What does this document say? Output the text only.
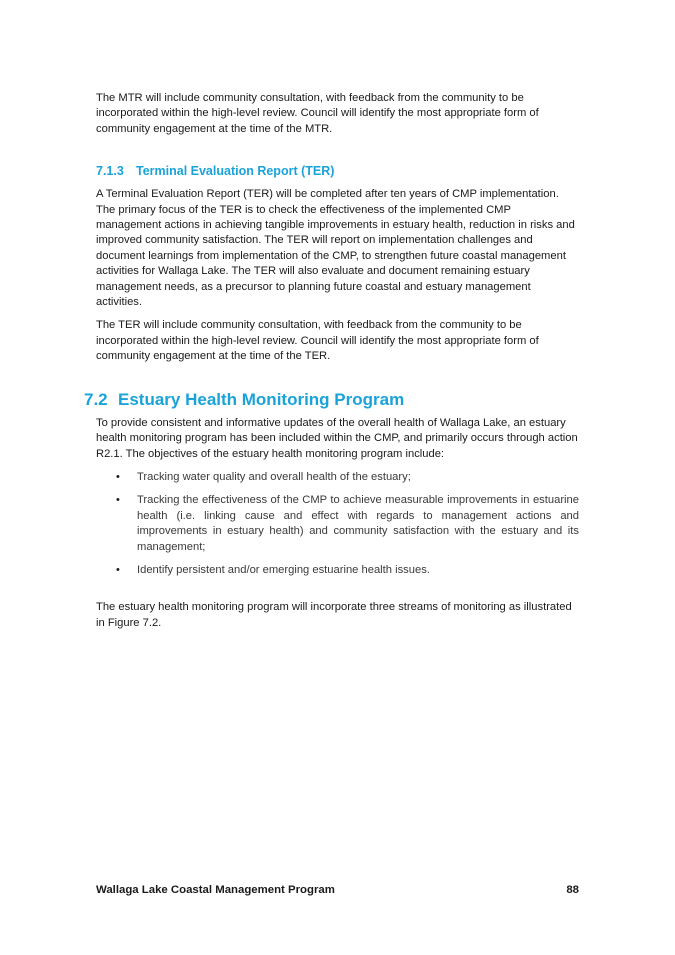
The MTR will include community consultation, with feedback from the community to be incorporated within the high-level review. Council will identify the most appropriate form of community engagement at the time of the MTR.

7.1.3 Terminal Evaluation Report (TER)

A Terminal Evaluation Report (TER) will be completed after ten years of CMP implementation. The primary focus of the TER is to check the effectiveness of the implemented CMP management actions in achieving tangible improvements in estuary health, reduction in risks and improved community satisfaction. The TER will report on implementation challenges and document learnings from implementation of the CMP, to strengthen future coastal management activities for Wallaga Lake. The TER will also evaluate and document remaining estuary management needs, as a precursor to planning future coastal and estuary management activities.

The TER will include community consultation, with feedback from the community to be incorporated within the high-level review. Council will identify the most appropriate form of community engagement at the time of the TER.

7.2 Estuary Health Monitoring Program

To provide consistent and informative updates of the overall health of Wallaga Lake, an estuary health monitoring program has been included within the CMP, and primarily occurs through action R2.1. The objectives of the estuary health monitoring program include:

• Tracking water quality and overall health of the estuary;
• Tracking the effectiveness of the CMP to achieve measurable improvements in estuarine health (i.e. linking cause and effect with regards to management actions and improvements in estuary health) and community satisfaction with the estuary and its management;
• Identify persistent and/or emerging estuarine health issues.

The estuary health monitoring program will incorporate three streams of monitoring as illustrated in Figure 7.2.

Wallaga Lake Coastal Management Program	88
